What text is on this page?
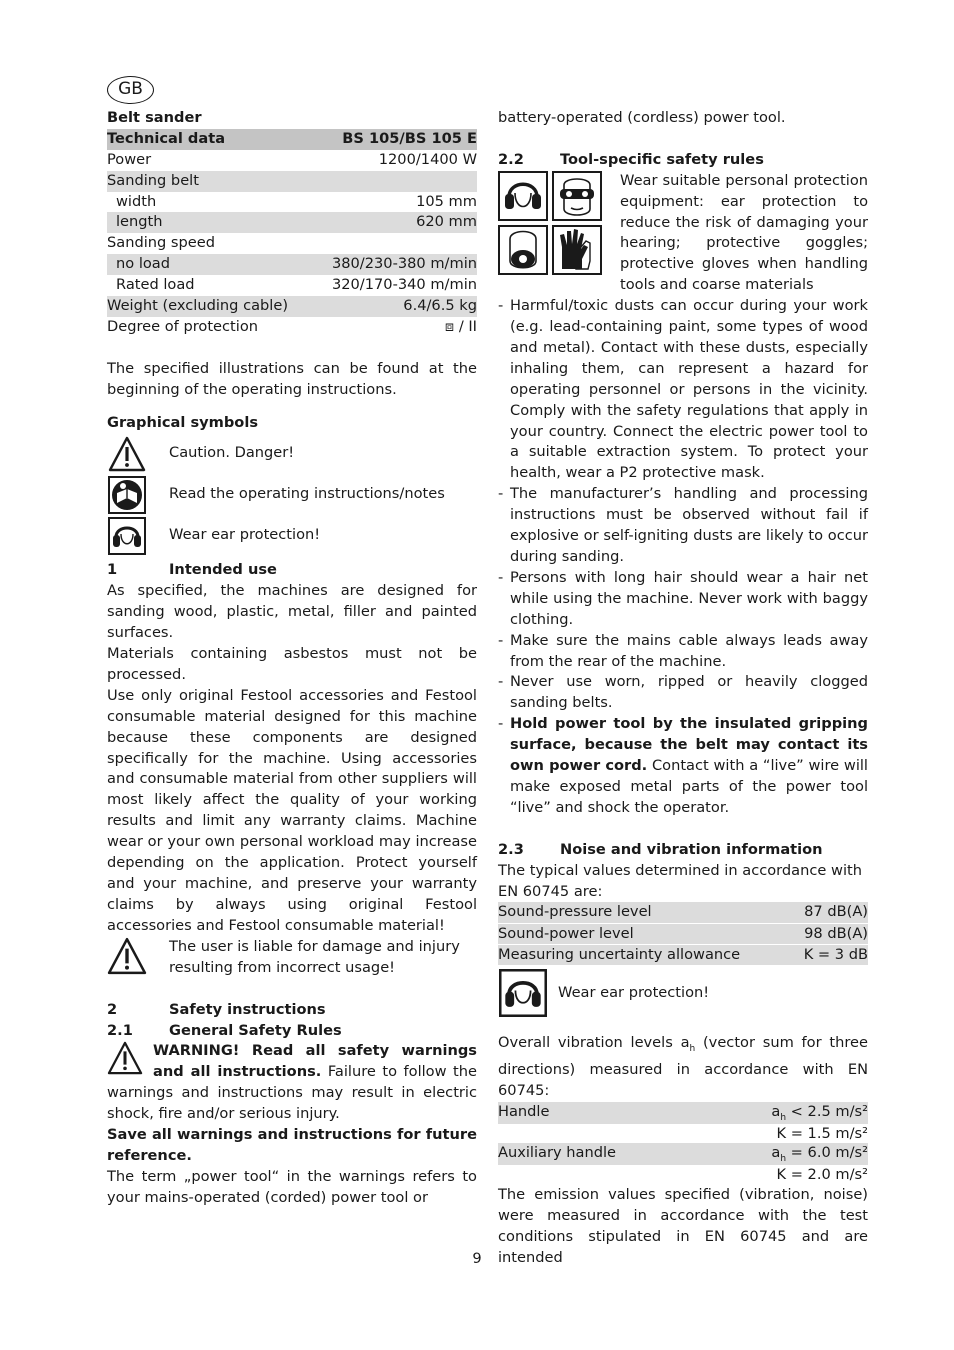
GB
Belt sander
Technical data	BS 105/BS 105 E
Power	1200/1400 W
Sanding belt
width	105 mm
length	620 mm
Sanding speed
no load	380/230-380 m/min
Rated load	320/170-340 m/min
Weight (excluding cable)	6.4/6.5 kg
Degree of protection	⧈ / II

The specified illustrations can be found at the beginning of the operating instructions.

Graphical symbols
Caution. Danger!
Read the operating instructions/notes
Wear ear protection!
1	Intended use

As specified, the machines are designed for sanding wood, plastic, metal, filler and painted surfaces.

Materials containing asbestos must not be processed.

Use only original Festool accessories and Festool consumable material designed for this machine because these components are designed specifically for the machine. Using accessories and consumable material from other suppliers will most likely affect the quality of your working results and limit any warranty claims. Machine wear or your own personal workload may increase depending on the application. Protect yourself and your machine, and preserve your warranty claims by always using original Festool accessories and Festool consumable material!

The user is liable for damage and injury resulting from incorrect usage!

2	Safety instructions
2.1	General Safety Rules

WARNING! Read all safety warnings and all instructions. Failure to follow the warnings and instructions may result in electric shock, fire and/or serious injury.

Save all warnings and instructions for future reference.

The term „power tool“ in the warnings refers to your mains-operated (corded) power tool or

battery-operated (cordless) power tool.

2.2	Tool-specific safety rules

Wear suitable personal protection equipment: ear protection to reduce the risk of damaging your hearing; protective goggles; protective gloves when handling tools and coarse materials

- Harmful/toxic dusts can occur during your work (e.g. lead-containing paint, some types of wood and metal). Contact with these dusts, especially inhaling them, can represent a hazard for operating personnel or persons in the vicinity. Comply with the safety regulations that apply in your country. Connect the electric power tool to a suitable extraction system. To protect your health, wear a P2 protective mask.
- The manufacturer’s handling and processing instructions must be observed without fail if explosive or self-igniting dusts are likely to occur during sanding.
- Persons with long hair should wear a hair net while using the machine. Never work with baggy clothing.
- Make sure the mains cable always leads away from the rear of the machine.
- Never use worn, ripped or heavily clogged sanding belts.
- Hold power tool by the insulated gripping surface, because the belt may contact its own power cord. Contact with a “live” wire will make exposed metal parts of the power tool “live” and shock the operator.
2.3	Noise and vibration information

The typical values determined in accordance with EN 60745 are:

Sound-pressure level	87 dB(A)
Sound-power level	98 dB(A)
Measuring uncertainty allowance	K = 3 dB
Wear ear protection!

Overall vibration levels $a_h$ (vector sum for three directions) measured in accordance with EN 60745:

Handle	$a_h < 2.5$ m/s²
K = 1.5 m/s²
Auxiliary handle	$a_h = 6.0$ m/s²
K = 2.0 m/s²

The emission values specified (vibration, noise) were measured in accordance with the test conditions stipulated in EN 60745 and are intended

9
